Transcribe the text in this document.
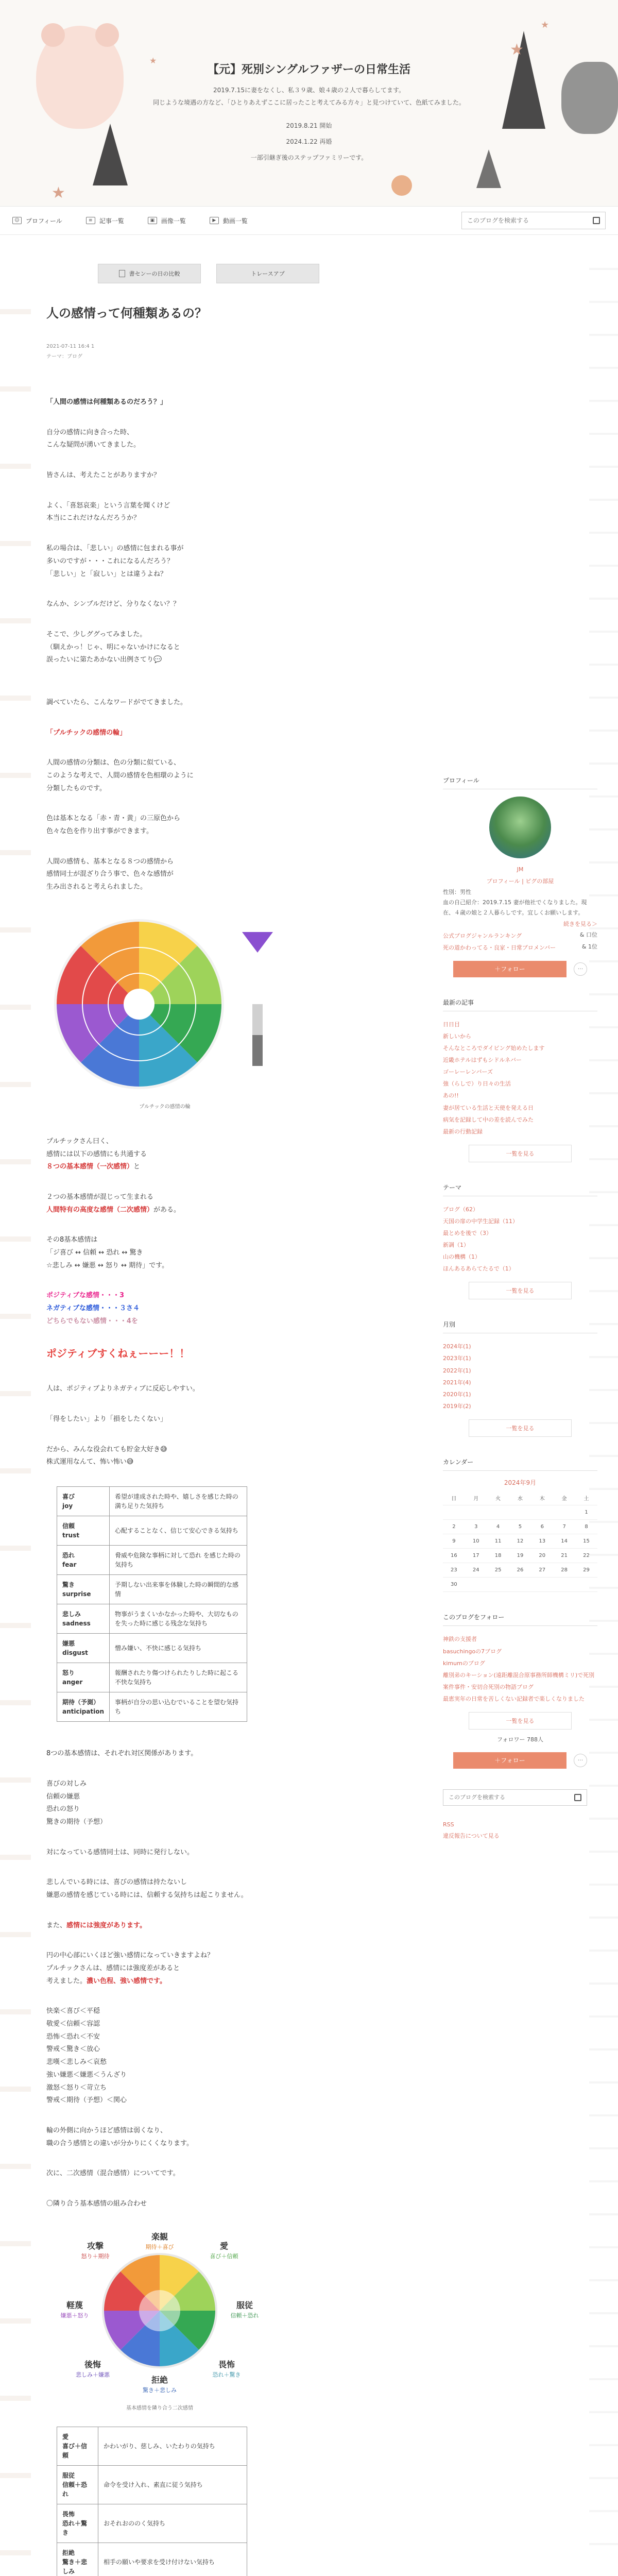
★
★
★
★
【元】死別シングルファザーの日常生活
2019.7.15に妻をなくし、私３９歳、娘４歳の２人で暮らしてます。
同じような境遇の方など、「ひとりあえずここに居ったこと考えてみる方々」と見つけていて、色紙てみました。
2019.8.21 開始
2024.1.22 再婚
一部引継ぎ後のステップファミリーです。
☺	プロフィール	≡	記事一覧	▣	画像一覧	▶	動画一覧
このブログを検索する
書センーの日の比較	トレースアプ
人の感情って何種類あるの？
2021-07-11 16:4 1
テーマ：ブログ
「人間の感情は何種類あるのだろう？」
自分の感情に向き合った時、
こんな疑問が湧いてきました。
皆さんは、考えたことがありますか？
よく、「喜怒哀楽」という言葉を聞くけど
本当にこれだけなんだろうか？
私の場合は、「悲しい」の感情に包まれる事が
多いのですが・・・これになるんだろう？
「悲しい」と「寂しい」とは違うよね？
なんか、シンプルだけど、分りなくない？？
そこで、少しググってみました。
（馴えかっ！じゃ、明にゃないかけになると
誤ったいに第たあかない出例さてり💬
調べていたら、こんなワードがでてきました。
「プルチックの感情の輪」
人間の感情の分類は、色の分類に似ている、
このような考えで、人間の感情を色相環のように
分類したものです。
色は基本となる「赤・青・黄」の三原色から
色々な色を作り出す事ができます。
人間の感情も、基本となる８つの感情から
感情同士が混ざり合う事で、色々な感情が
生み出されると考えられました。
プルチックの感情の輪
プルチックさん曰く、
感情には以下の感情にも共通する
８つの基本感情（一次感情）と
２つの基本感情が混じって生まれる
人間特有の高度な感情（二次感情）がある。
その8基本感情は
「ジ喜び ↔ 信頼 ↔ 恐れ ↔ 驚き
☆悲しみ ↔ 嫌悪 ↔ 怒り ↔ 期待」です。
ポジティブな感情・・・3
ネガティブな感情・・・３さ４
どちらでもない感情・・・4を
ポジティブすくねぇーーー！！
人は、ポジティブよりネガティブに反応しやすい。
「得をしたい」より「損をしたくない」
だから、みんな役会れても貯金大好き😅
株式運用なんて、怖い怖い😅
喜び
joy	希望が達成された時や、嬉しさを感じた時の満ち足りた気持ち

信頼
trust	心配することなく、信じて安心できる気持ち

恐れ
fear	脅威や危険な事柄に対して恐れ を感じた時の気持ち

驚き
surprise	予期しない出来事を体験した時の瞬間的な感情

悲しみ
sadness	物事がうまくいかなかった時や、大切なものを失った時に感じる残念な気持ち

嫌悪
disgust	憎み嫌い、不快に感じる気持ち

怒り
anger	報酬されたり傷つけられたりした時に起こる不快な気持ち

期待（予測）
anticipation	事柄が自分の思い込むでいることを望む気持ち
8つの基本感情は、それぞれ対区関係があります。
喜びの対しみ
信頼の嫌悪
恐れの怒り
驚きの期待（予想）
対になっている感情同士は、同時に発行しない。
悲しんでいる時には、喜びの感情は持たないし
嫌悪の感情を感じている時には、信頼する気持ちは起こりません。
また、感情には強度があります。
円の中心部にいくほど強い感情になっていきますよね？
プルチックさんは、感情には強度差があると
考えました。濃い色程、強い感情です。
快楽＜喜び＜平穏
敬愛＜信頼＜容認
恐怖＜恐れ＜不安
警戒＜驚き＜放心
悲嘆＜悲しみ＜哀愁
強い嫌悪＜嫌悪＜うんざり
激怒＜怒り＜苛立ち
警戒＜期待（予想）＜関心
輪の外側に向かうほど感情は弱くなり、
職の合う感情との違いが分かりにくくなります。
次に、二次感情（混合感情）についてです。
〇隣り合う基本感情の組み合わせ
楽観
期待＋喜び	愛
喜び＋信頼
服従
信頼＋恐れ
畏怖
恐れ＋驚き
拒絶
驚き＋悲しみ
後悔
悲しみ＋嫌悪
軽蔑
嫌悪＋怒り
攻撃
怒り＋期待
基本感情を隣り合う二次感情
愛
喜び＋信頼	かわいがり、慈しみ、いたわりの気持ち

服従
信頼＋恐れ	命令を受け入れ、素直に従う気持ち

畏怖
恐れ＋驚き	おそれおののく気持ち

拒絶
驚き＋悲しみ	相手の願いや要求を受け付けない気持ち
プロフィール
JM
プロフィール | ピグの部屋
性別：男性
血の自己紹介：2019.7.15 妻が他社でくなりました。現在、４歳の娘と２人暮らしです。宜しくお願いします。
続きを見る＞
公式プログジャンルランキング	& 口位
死の道かわってる・良家・日常ブロメンバー	& 1位
＋フォロー	···
最新の記事
日日目
新しいから
そんなところでダイビング始めたします
近畿ホテルはずもシドルネバー
ゴーレーレンバーズ
強（らしで）り日々の生活
あの!!
妻が居ている生活と天使を発える日
病気を記録して中の差を読んでみた
最新の行動記録
一覧を見る
テーマ
ブログ（62）
天国の扉の中学生記録（11）
最とめを後で（3）
新調（1）
山の機構（1）
ほんあるあらてたるで（1）
一覧を見る
月別
2024年(1)
2023年(1)
2022年(1)
2021年(4)
2020年(1)
2019年(2)
一覧を見る
カレンダー
2024年9月
日	月	火	水	木	金	土
						1
2	3	4	5	6	7	8
9	10	11	12	13	14	15
16	17	18	19	20	21	22
23	24	25	26	27	28	29
30						
このブログをフォロー
神鉄の支援者
basuchingoの7ブログ
kimumのブログ
離別弟のキーション(遠距離混合原事務所師機構ミリ)で死別案件事件・安切合死別の物語ブログ
最恵実年の日常を苦しくない記録者で楽しくなりました
一覧を見る
フォロワー 788人
＋フォロー	···
このブログを検索する
RSS
違反報告について見る
